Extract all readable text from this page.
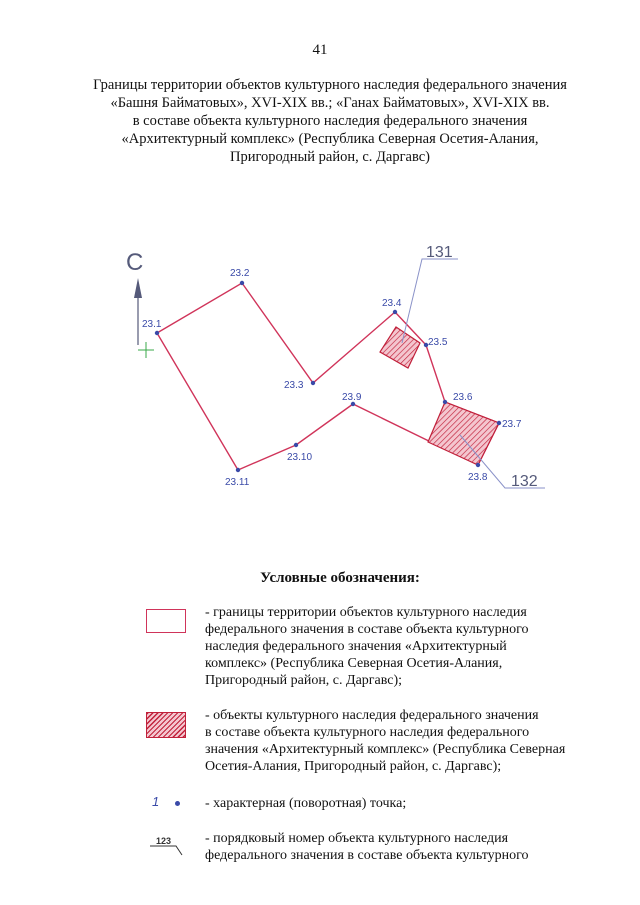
41
Границы территории объектов культурного наследия федерального значения
«Башня Байматовых», XVI-XIX вв.; «Ганах Байматовых», XVI-XIX вв.
в составе объекта культурного наследия федерального значения
«Архитектурный комплекс» (Республика Северная Осетия-Алания,
Пригородный район, с. Даргавс)
С	131
132
23.1
23.2
23.3
23.4
23.5
23.6
23.7
23.8
23.9
23.10
23.11
Условные обозначения:
- границы территории объектов культурного наследия
федерального значения в составе объекта культурного
наследия федерального значения «Архитектурный
комплекс» (Республика Северная Осетия-Алания,
Пригородный район, с. Даргавс);
- объекты культурного наследия федерального значения
в составе объекта культурного наследия федерального
значения «Архитектурный комплекс» (Республика Северная
Осетия-Алания, Пригородный район, с. Даргавс);
1	- характерная (поворотная) точка;
123 - порядковый номер объекта культурного наследия
федерального значения в составе объекта культурного
